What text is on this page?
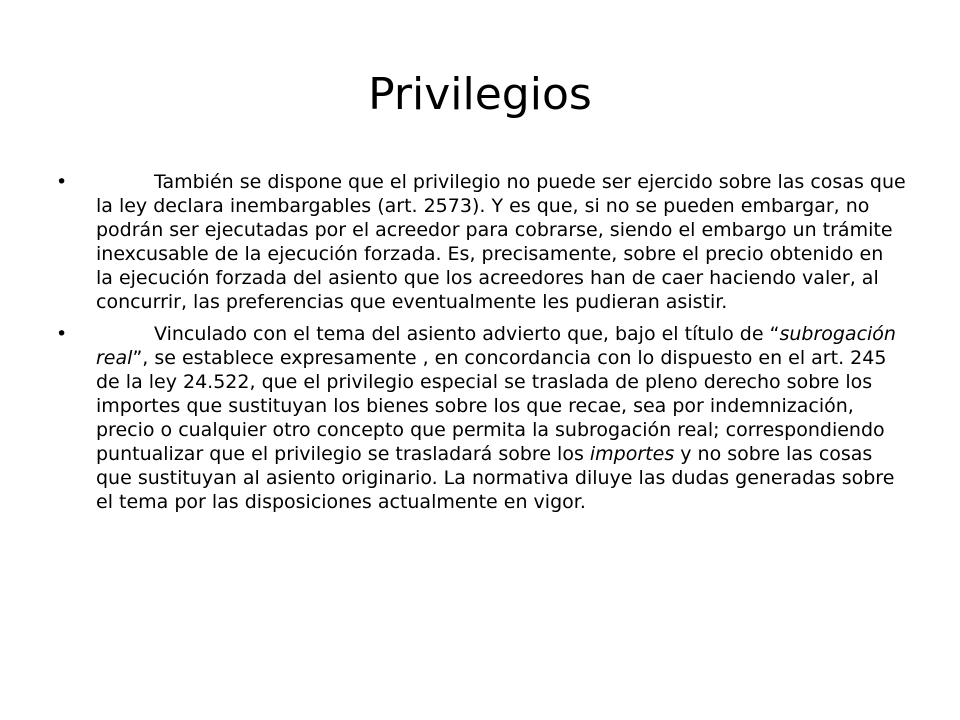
Privilegios

•	También se dispone que el privilegio no puede ser ejercido sobre las cosas que la ley declara inembargables (art. 2573). Y es que, si no se pueden embargar, no podrán ser ejecutadas por el acreedor para cobrarse, siendo el embargo un trámite inexcusable de la ejecución forzada. Es, precisamente, sobre el precio obtenido en la ejecución forzada del asiento que los acreedores han de caer haciendo valer, al concurrir, las preferencias que eventualmente les pudieran asistir.

•	Vinculado con el tema del asiento advierto que, bajo el título de “subrogación real”, se establece expresamente , en concordancia con lo dispuesto en el art. 245 de la ley 24.522, que el privilegio especial se traslada de pleno derecho sobre los importes que sustituyan los bienes sobre los que recae, sea por indemnización, precio o cualquier otro concepto que permita la subrogación real; correspondiendo puntualizar que el privilegio se trasladará sobre los importes y no sobre las cosas que sustituyan al asiento originario. La normativa diluye las dudas generadas sobre el tema por las disposiciones actualmente en vigor.
